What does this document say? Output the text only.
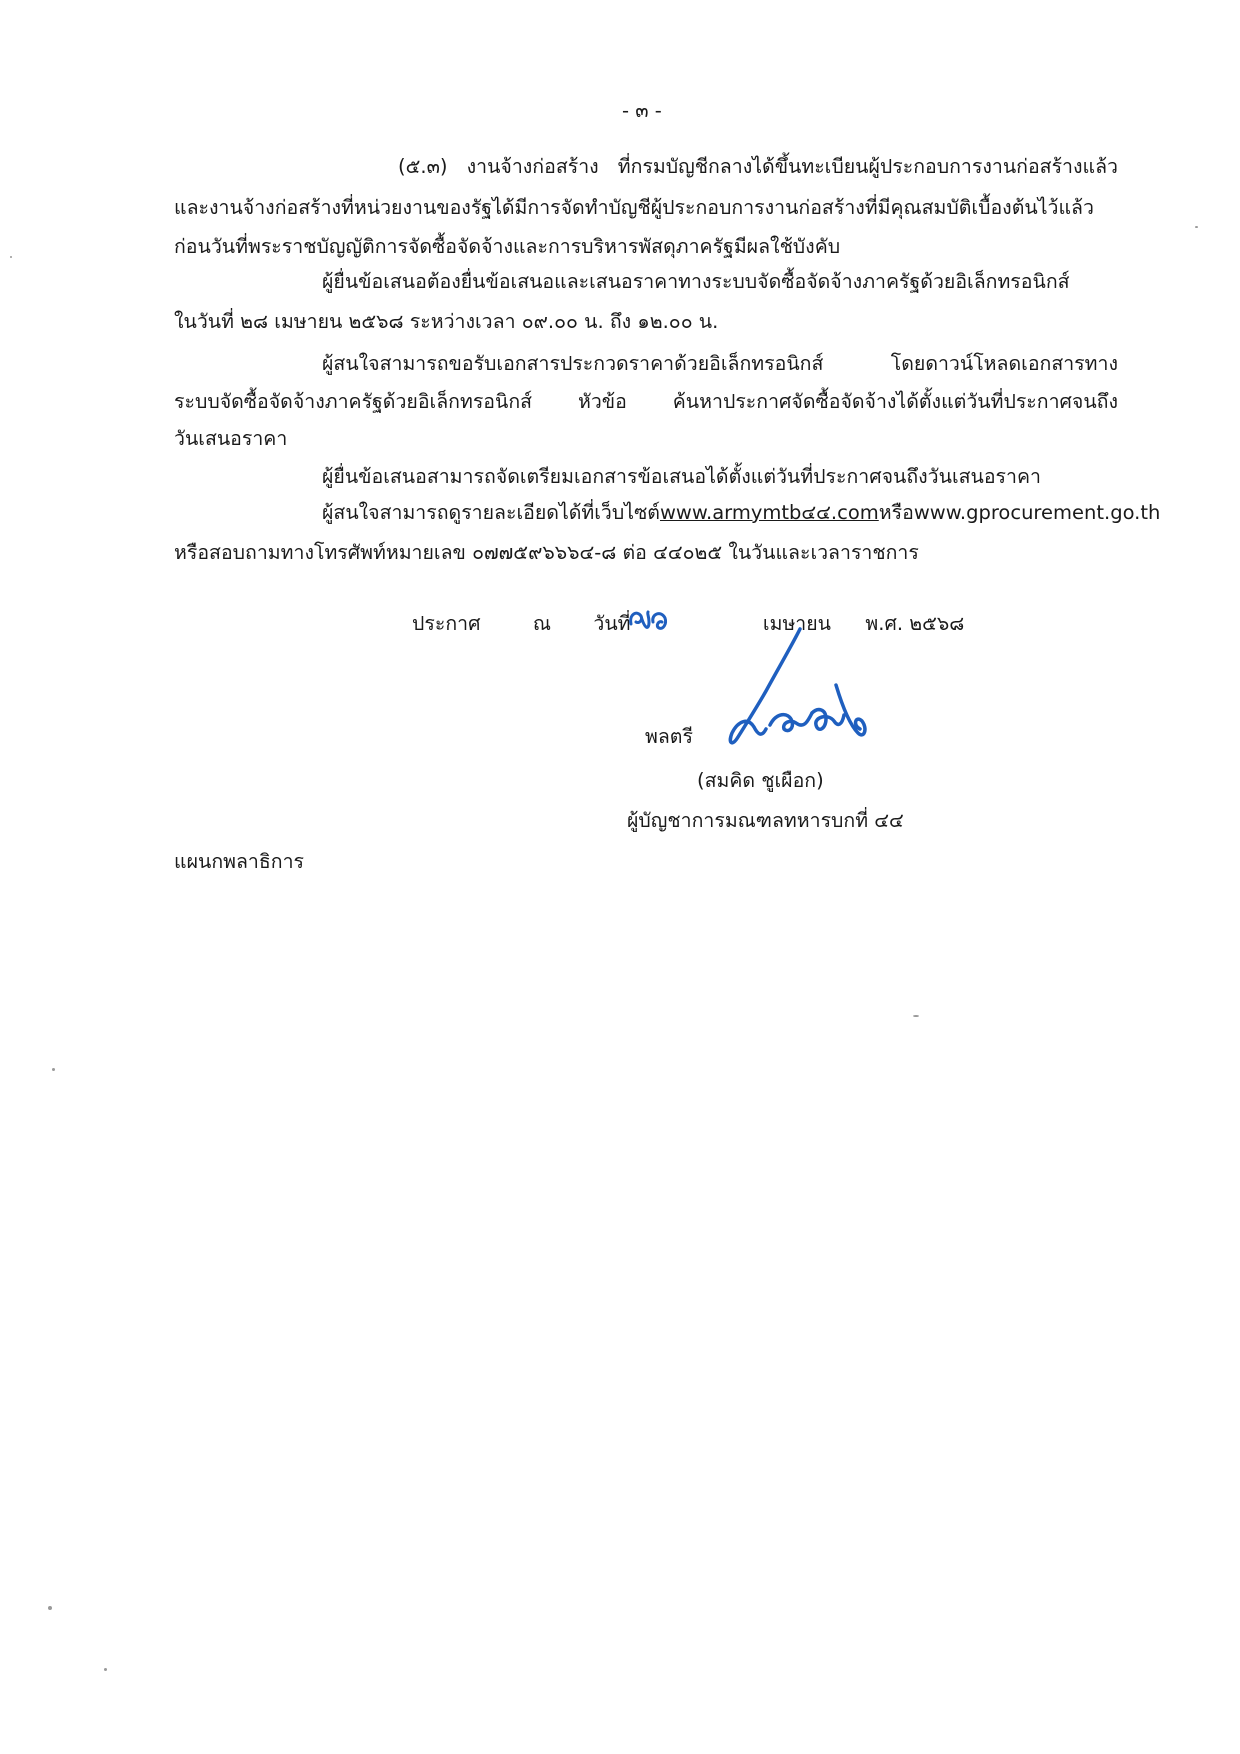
- ๓ -
(๕.๓) งานจ้างก่อสร้าง ที่กรมบัญชีกลางได้ขึ้นทะเบียนผู้ประกอบการงานก่อสร้างแล้ว
และงานจ้างก่อสร้างที่หน่วยงานของรัฐได้มีการจัดทำบัญชีผู้ประกอบการงานก่อสร้างที่มีคุณสมบัติเบื้องต้นไว้แล้ว
ก่อนวันที่พระราชบัญญัติการจัดซื้อจัดจ้างและการบริหารพัสดุภาครัฐมีผลใช้บังคับ
ผู้ยื่นข้อเสนอต้องยื่นข้อเสนอและเสนอราคาทางระบบจัดซื้อจัดจ้างภาครัฐด้วยอิเล็กทรอนิกส์
ในวันที่ ๒๘ เมษายน ๒๕๖๘ ระหว่างเวลา ๐๙.๐๐ น. ถึง ๑๒.๐๐ น.
ผู้สนใจสามารถขอรับเอกสารประกวดราคาด้วยอิเล็กทรอนิกส์ โดยดาวน์โหลดเอกสารทาง
ระบบจัดซื้อจัดจ้างภาครัฐด้วยอิเล็กทรอนิกส์ หัวข้อ ค้นหาประกาศจัดซื้อจัดจ้างได้ตั้งแต่วันที่ประกาศจนถึง
วันเสนอราคา
ผู้ยื่นข้อเสนอสามารถจัดเตรียมเอกสารข้อเสนอได้ตั้งแต่วันที่ประกาศจนถึงวันเสนอราคา
ผู้สนใจสามารถดูรายละเอียดได้ที่เว็บไซต์ www.armymtb๔๔.com หรือ www.gprocurement.go.th
หรือสอบถามทางโทรศัพท์หมายเลข ๐๗๗๕๙๖๖๖๔-๘ ต่อ ๔๔๐๒๕ ในวันและเวลาราชการ
ประกาศ	ณ วันที่	เมษายน พ.ศ. ๒๕๖๘
พลตรี
(สมคิด ชูเผือก)
ผู้บัญชาการมณฑลทหารบกที่ ๔๔
แผนกพลาธิการ
